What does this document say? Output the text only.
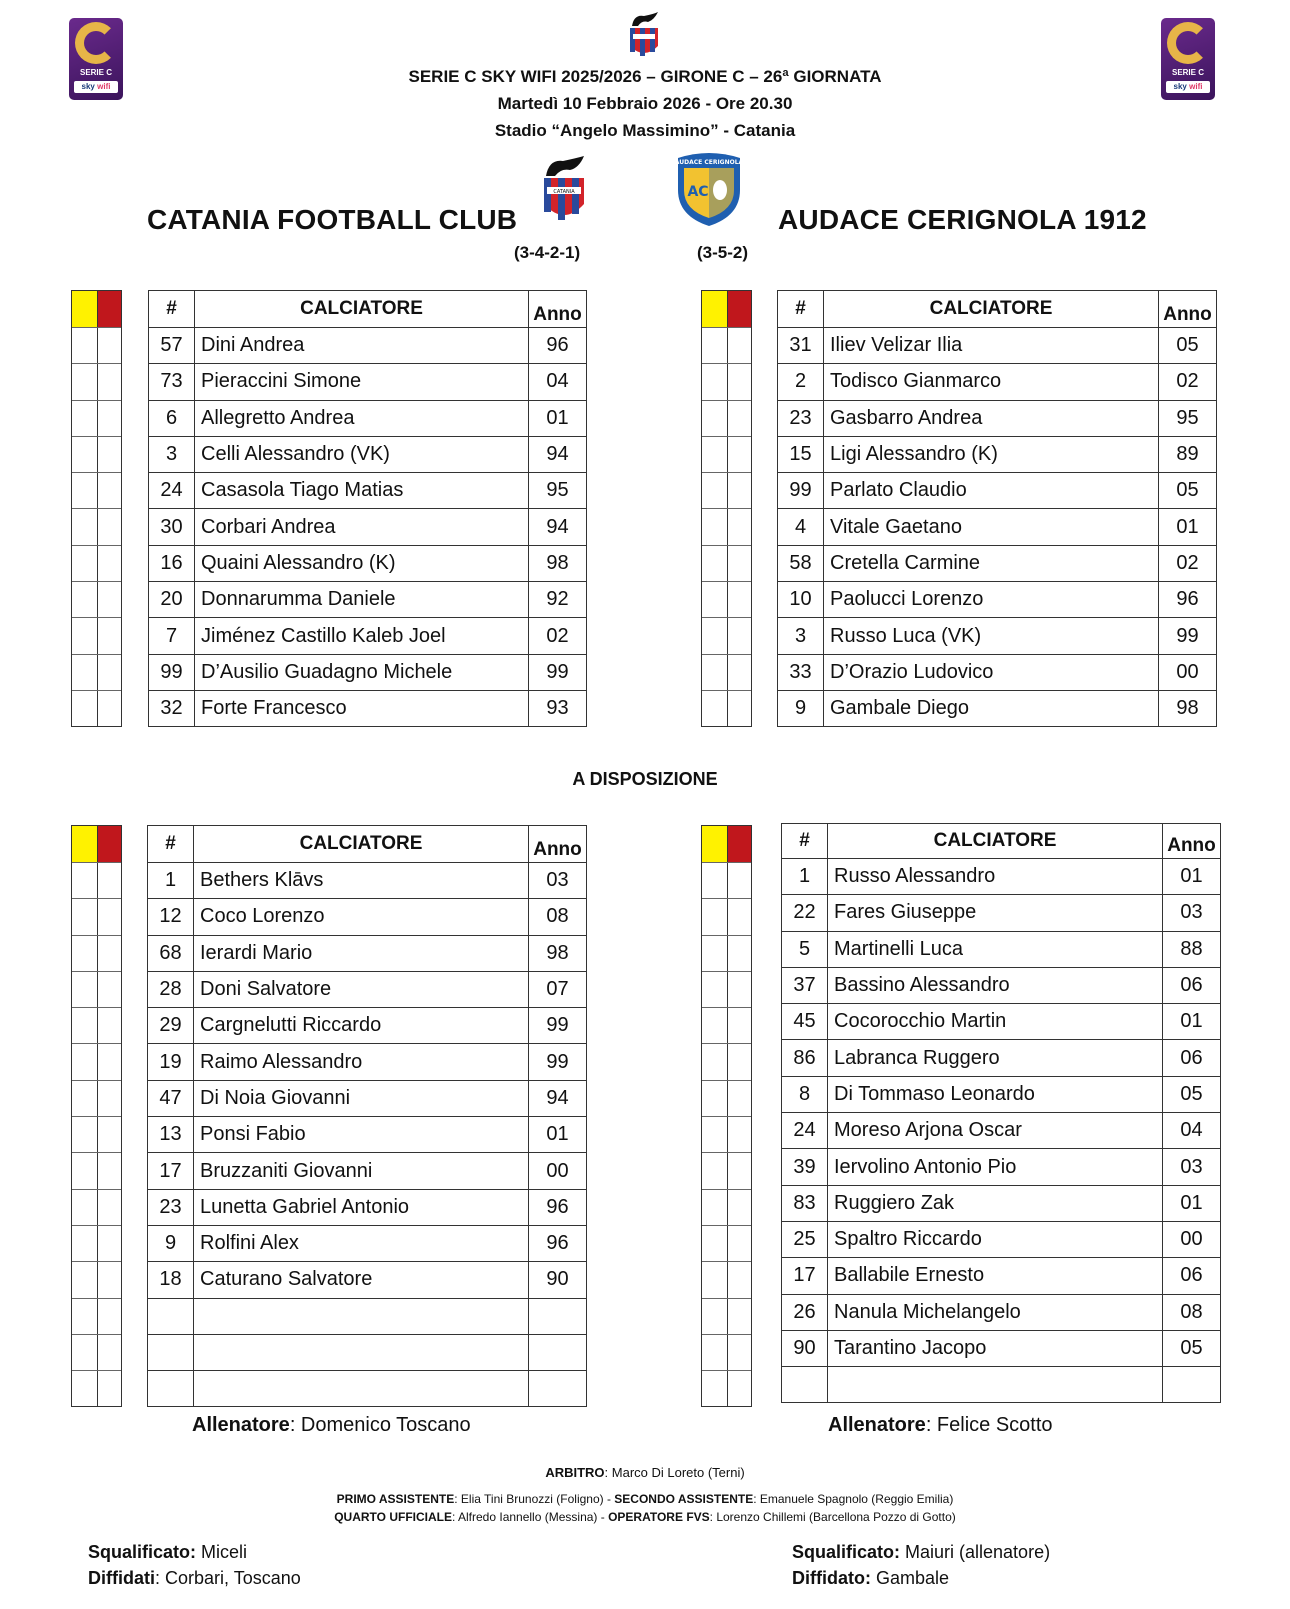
SERIE C
sky wifi
SERIE C
sky wifi
SERIE C SKY WIFI 2025/2026 – GIRONE C – 26ª GIORNATA
Martedì 10 Febbraio 2026 - Ore 20.30
Stadio “Angelo Massimino” - Catania
CATANIA
AUDACE CERIGNOLA
AC
CATANIA FOOTBALL CLUB	AUDACE CERIGNOLA 1912
(3-4-2-1)	(3-5-2)
#	CALCIATORE	Anno
57	Dini Andrea	96
73	Pieraccini Simone	04
6	Allegretto Andrea	01
3	Celli Alessandro (VK)	94
24	Casasola Tiago Matias	95
30	Corbari Andrea	94
16	Quaini Alessandro (K)	98
20	Donnarumma Daniele	92
7	Jiménez Castillo Kaleb Joel	02
99	D’Ausilio Guadagno Michele	99
32	Forte Francesco	93
#	CALCIATORE	Anno
31	Iliev Velizar Ilia	05
2	Todisco Gianmarco	02
23	Gasbarro Andrea	95
15	Ligi Alessandro (K)	89
99	Parlato Claudio	05
4	Vitale Gaetano	01
58	Cretella Carmine	02
10	Paolucci Lorenzo	96
3	Russo Luca (VK)	99
33	D’Orazio Ludovico	00
9	Gambale Diego	98
A DISPOSIZIONE
#	CALCIATORE	Anno
1	Bethers Klāvs	03
12	Coco Lorenzo	08
68	Ierardi Mario	98
28	Doni Salvatore	07
29	Cargnelutti Riccardo	99
19	Raimo Alessandro	99
47	Di Noia Giovanni	94
13	Ponsi Fabio	01
17	Bruzzaniti Giovanni	00
23	Lunetta Gabriel Antonio	96
9	Rolfini Alex	96
18	Caturano Salvatore	90

#	CALCIATORE	Anno
1	Russo Alessandro	01
22	Fares Giuseppe	03
5	Martinelli Luca	88
37	Bassino Alessandro	06
45	Cocorocchio Martin	01
86	Labranca Ruggero	06
8	Di Tommaso Leonardo	05
24	Moreso Arjona Oscar	04
39	Iervolino Antonio Pio	03
83	Ruggiero Zak	01
25	Spaltro Riccardo	00
17	Ballabile Ernesto	06
26	Nanula Michelangelo	08
90	Tarantino Jacopo	05

Allenatore: Domenico Toscano	Allenatore: Felice Scotto
ARBITRO: Marco Di Loreto (Terni)
PRIMO ASSISTENTE: Elia Tini Brunozzi (Foligno) - SECONDO ASSISTENTE: Emanuele Spagnolo (Reggio Emilia)
QUARTO UFFICIALE: Alfredo Iannello (Messina) - OPERATORE FVS: Lorenzo Chillemi (Barcellona Pozzo di Gotto)
Squalificato: Miceli
Diffidati: Corbari, Toscano
Squalificato: Maiuri (allenatore)
Diffidato: Gambale
